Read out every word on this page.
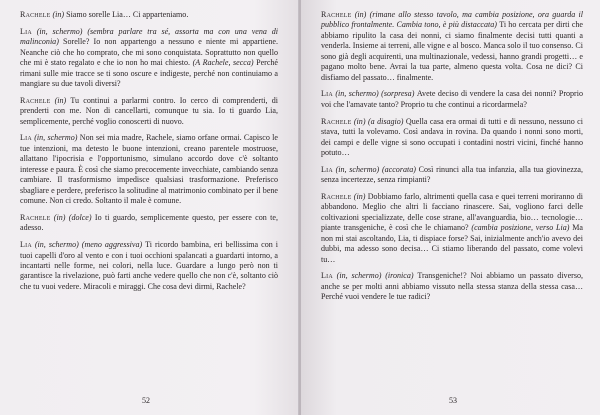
Rachele (in) Siamo sorelle Lia… Ci apparteniamo.

Lia (in, schermo) (sembra parlare tra sé, assorta ma con una vena di malinconia) Sorelle? Io non appartengo a nessuno e niente mi appartiene. Neanche ciò che ho comprato, che mi sono conquistata. Soprattutto non quello che mi è stato regalato e che io non ho mai chiesto. (A Rachele, secca) Perché rimani sulle mie tracce se ti sono oscure e indigeste, perché non continuiamo a mangiare su due tavoli diversi?

Rachele (in) Tu continui a parlarmi contro. Io cerco di comprenderti, di prenderti con me. Non di cancellarti, comunque tu sia. Io ti guardo Lia, semplicemente, perché voglio conoscerti di nuovo.

Lia (in, schermo) Non sei mia madre, Rachele, siamo orfane ormai. Capisco le tue intenzioni, ma detesto le buone intenzioni, creano parentele mostruose, allattano l'ipocrisia e l'opportunismo, simulano accordo dove c'è soltanto interesse e paura. È così che siamo precocemente invecchiate, cambiando senza cambiare. Il trasformismo impedisce qualsiasi trasformazione. Preferisco sbagliare e perdere, preferisco la solitudine al matrimonio combinato per il bene comune. Non ci credo. Soltanto il male è comune.

Rachele (in) (dolce) Io ti guardo, semplicemente questo, per essere con te, adesso.

Lia (in, schermo) (meno aggressiva) Ti ricordo bambina, eri bellissima con i tuoi capelli d'oro al vento e con i tuoi occhioni spalancati a guardarti intorno, a incantarti nelle forme, nei colori, nella luce. Guardare a lungo però non ti garantisce la rivelazione, può farti anche vedere quello che non c'è, soltanto ciò che tu vuoi vedere. Miracoli e miraggi. Che cosa devi dirmi, Rachele?

52

Rachele (in) (rimane allo stesso tavolo, ma cambia posizione, ora guarda il pubblico frontalmente. Cambia tono, è più distaccata) Ti ho cercata per dirti che abbiamo ripulito la casa dei nonni, ci siamo finalmente decisi tutti quanti a venderla. Insieme ai terreni, alle vigne e al bosco. Manca solo il tuo consenso. Ci sono già degli acquirenti, una multinazionale, vedessi, hanno grandi progetti… e pagano molto bene. Avrai la tua parte, almeno questa volta. Cosa ne dici? Ci disfiamo del passato… finalmente.

Lia (in, schermo) (sorpresa) Avete deciso di vendere la casa dei nonni? Proprio voi che l'amavate tanto? Proprio tu che continui a ricordarmela?

Rachele (in) (a disagio) Quella casa era ormai di tutti e di nessuno, nessuno ci stava, tutti la volevamo. Così andava in rovina. Da quando i nonni sono morti, dei campi e delle vigne si sono occupati i contadini nostri vicini, finché hanno potuto…

Lia (in, schermo) (accorata) Così rinunci alla tua infanzia, alla tua giovinezza, senza incertezze, senza rimpianti?

Rachele (in) Dobbiamo farlo, altrimenti quella casa e quei terreni moriranno di abbandono. Meglio che altri li facciano rinascere. Sai, vogliono farci delle coltivazioni specializzate, delle cose strane, all'avanguardia, bio… tecnologie… piante transgeniche, è così che le chiamano? (cambia posizione, verso Lia) Ma non mi stai ascoltando, Lia, ti dispiace forse? Sai, inizialmente anch'io avevo dei dubbi, ma adesso sono decisa… Ci stiamo liberando del passato, come volevi tu…

Lia (in, schermo) (ironica) Transgeniche!? Noi abbiamo un passato diverso, anche se per molti anni abbiamo vissuto nella stessa stanza della stessa casa… Perché vuoi vendere le tue radici?

53
